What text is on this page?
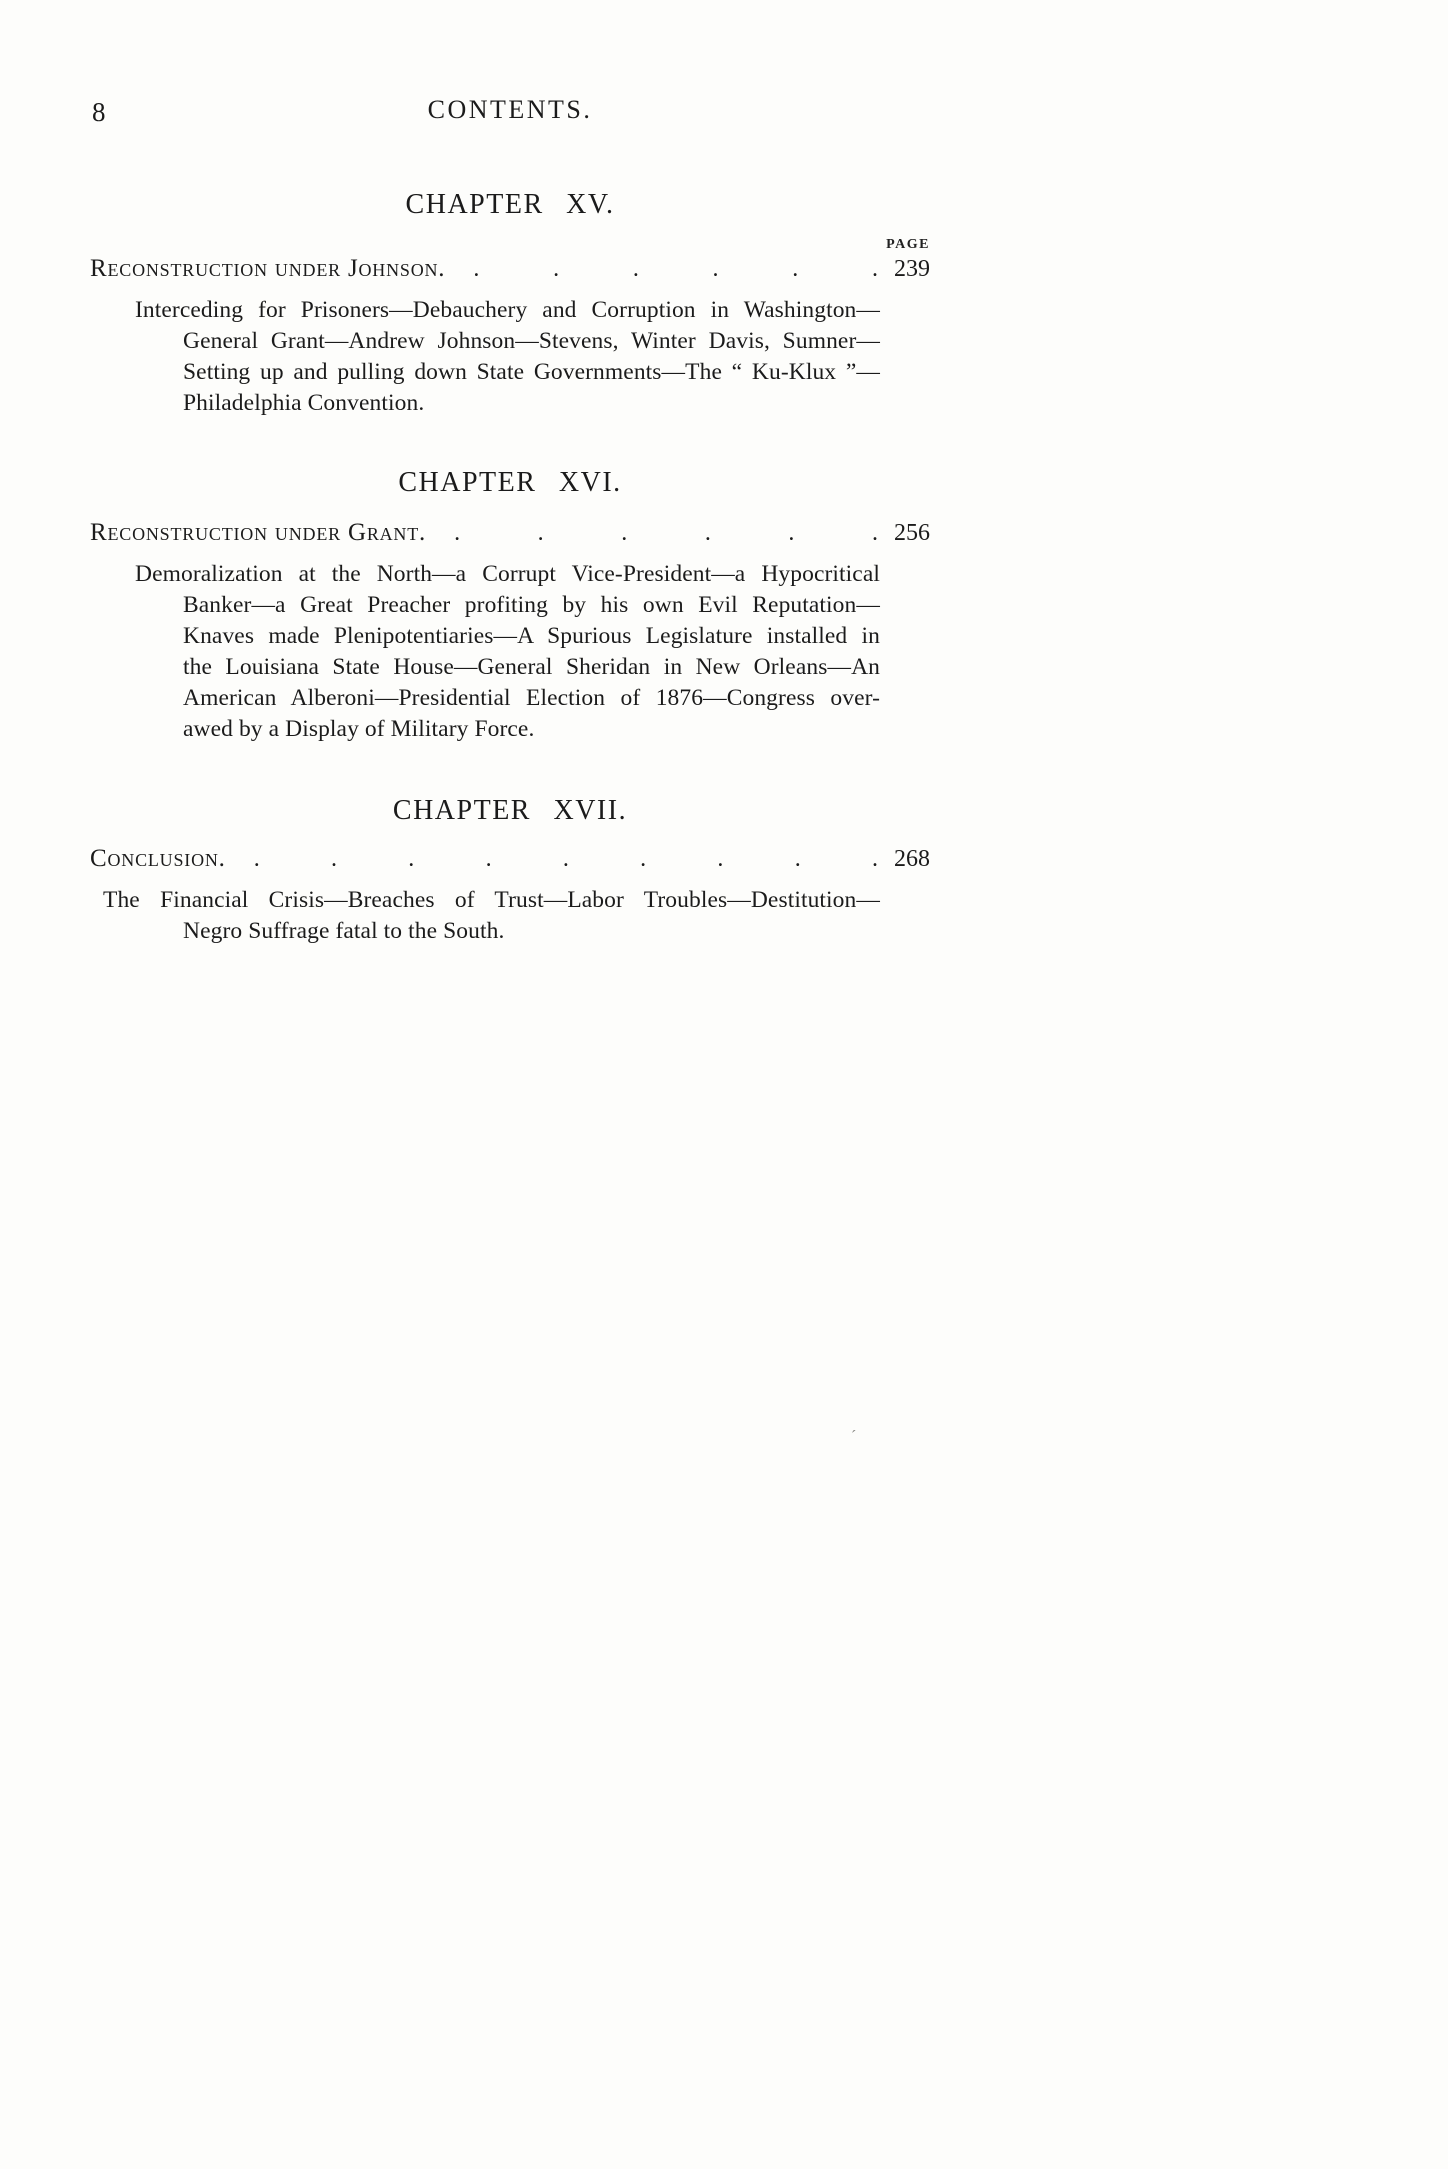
8	CONTENTS.
CHAPTER XV.
PAGE
Reconstruction under Johnson. . . . . . . 239
Interceding for Prisoners—Debauchery and Corruption in Washington—
General Grant—Andrew Johnson—Stevens, Winter Davis, Sumner—
Setting up and pulling down State Governments—The “ Ku-Klux ”—
Philadelphia Convention.
CHAPTER XVI.
Reconstruction under Grant. . . . . . . 256
Demoralization at the North—a Corrupt Vice-President—a Hypocritical
Banker—a Great Preacher profiting by his own Evil Reputation—
Knaves made Plenipotentiaries—A Spurious Legislature installed in
the Louisiana State House—General Sheridan in New Orleans—An
American Alberoni—Presidential Election of 1876—Congress over-
awed by a Display of Military Force.
CHAPTER XVII.
Conclusion. . . . . . . . . . 268
The Financial Crisis—Breaches of Trust—Labor Troubles—Destitution—
Negro Suffrage fatal to the South.
´
